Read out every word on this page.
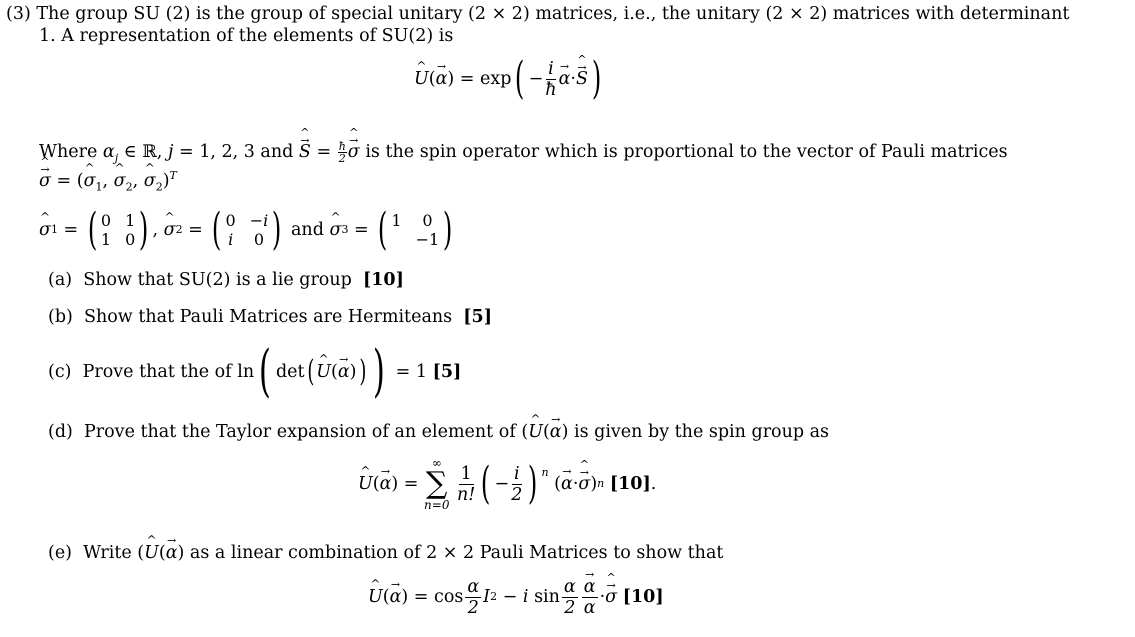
(3) The group SU (2) is the group of special unitary (2 × 2) matrices, i.e., the unitary (2 × 2) matrices with determinant
1. A representation of the elements of SU(2) is
^ U (
→ α ) = exp ( − $\frac{i}{ħ}$
→ α ·
→ S ^ )
Where $\alpha_j$ ∈ ℝ, j = 1, 2, 3 and → S ^ = $\frac{ħ}{2}$
→ σ ^ is the spin operator which is proportional to the vector of Pauli matrices
→ σ ^ = (^ $\sigma_1$, ^ $\sigma_2$, ^ $\sigma_2)^T$
^ σ 1 = ( 0 1
1 0 ) ,
^ σ 2 = ( 0 −i
i 0 )
and

^ σ 3 = ( 1	0
−1 )
(a) Show that SU(2) is a lie group [10]
(b) Show that Pauli Matrices are Hermiteans [5]
(c)
Prove that the of ln ( det (
^ U (
→ α ) ) ) = 1 [5]
(d) Prove that the Taylor expansion of an element of (^ U(→ α) is given by the spin group as
^ U (
→ α ) =
∞
∑
n=0

$\frac{1}{n!}$ ( − $\frac{i}{2}$ ) $^n$
(
→ α ·
→ σ ^ ) n
[10] .
(e) Write (^ U(→ α) as a linear combination of 2 × 2 Pauli Matrices to show that
^ U (
→ α ) = $\cos \frac{\alpha}{2}$ I 2 − i $\sin \frac{\alpha}{2}$
→ $\frac{\alpha}{\alpha}$ ·
→ σ ^
[10]
